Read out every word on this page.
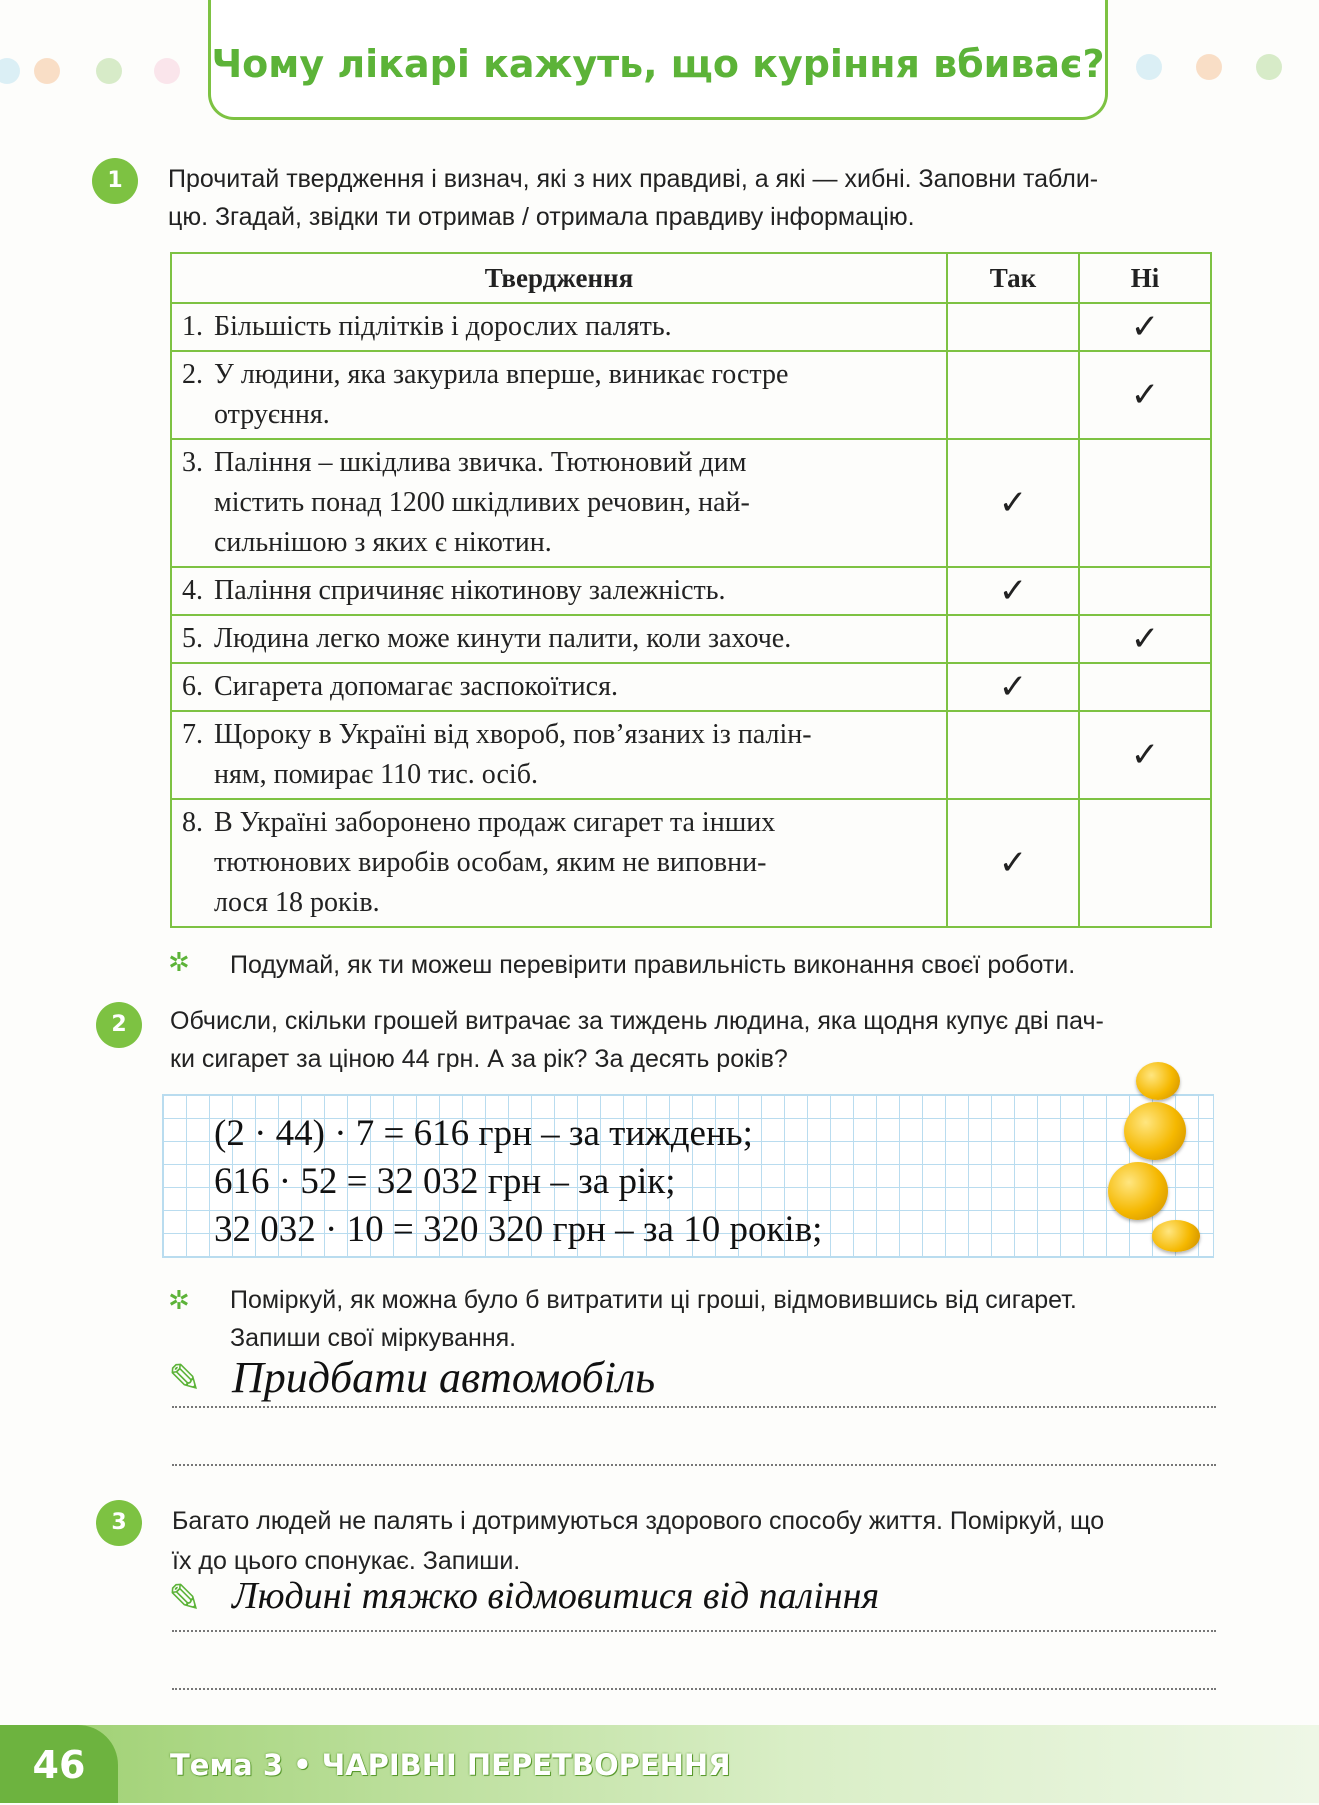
Чому лікарі кажуть, що куріння вбиває?
1	Прочитай твердження і визнач, які з них правдиві, а які — хибні. Заповни табли-
цю. Згадай, звідки ти отримав / отримала правдиву інформацію.
Твердження	Так	Ні

1. Більшість підлітків і дорослих палять.		✓

2. У людини, яка закурила вперше, виникає гостре
отруєння.		✓

3. Паління – шкідлива звичка. Тютюновий дим
містить понад 1200 шкідливих речовин, най-
сильнішою з яких є нікотин.	✓	

4. Паління спричиняє нікотинову залежність.	✓	

5. Людина легко може кинути палити, коли захоче.		✓

6. Сигарета допомагає заспокоїтися.	✓	

7. Щороку в Україні від хвороб, пов’язаних із палін-
ням, помирає 110 тис. осіб.		✓

8. В Україні заборонено продаж сигарет та інших
тютюнових виробів особам, яким не виповни-
лося 18 років.	✓	
✲ Подумай, як ти можеш перевірити правильність виконання своєї роботи.
2	Обчисли, скільки грошей витрачає за тиждень людина, яка щодня купує дві пач-
ки сигарет за ціною 44 грн. А за рік? За десять років?
(2 · 44) · 7 = 616 грн – за тиждень;
616 · 52 = 32 032 грн – за рік;
32 032 · 10 = 320 320 грн – за 10 років;
✲ Поміркуй, як можна було б витратити ці гроші, відмовившись від сигарет.
Запиши свої міркування.
✎ Придбати автомобіль
3	Багато людей не палять і дотримуються здорового способу життя. Поміркуй, що
їх до цього спонукає. Запиши.
✎ Людині тяжко відмовитися від паління
46	Тема 3 • ЧАРІВНІ ПЕРЕТВОРЕННЯ
